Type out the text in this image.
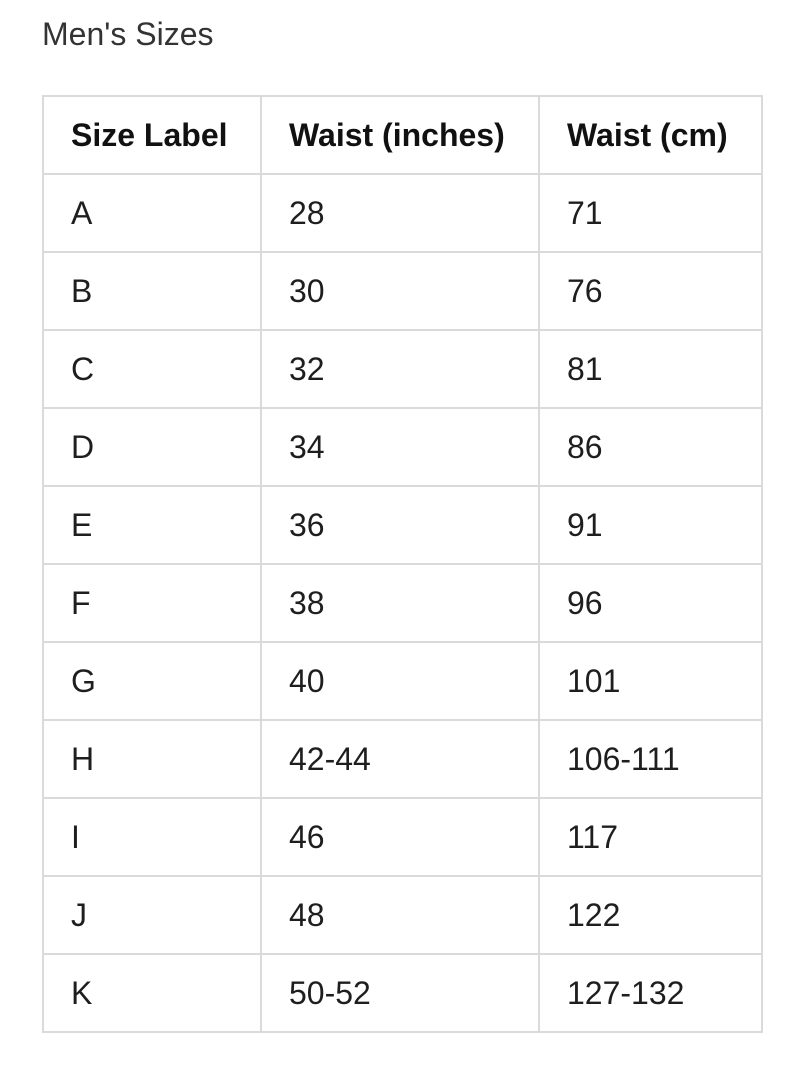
Men's Sizes
Size Label	Waist (inches)	Waist (cm)
A	28	71
B	30	76
C	32	81
D	34	86
E	36	91
F	38	96
G	40	101
H	42-44	106-111
I	46	117
J	48	122
K	50-52	127-132
